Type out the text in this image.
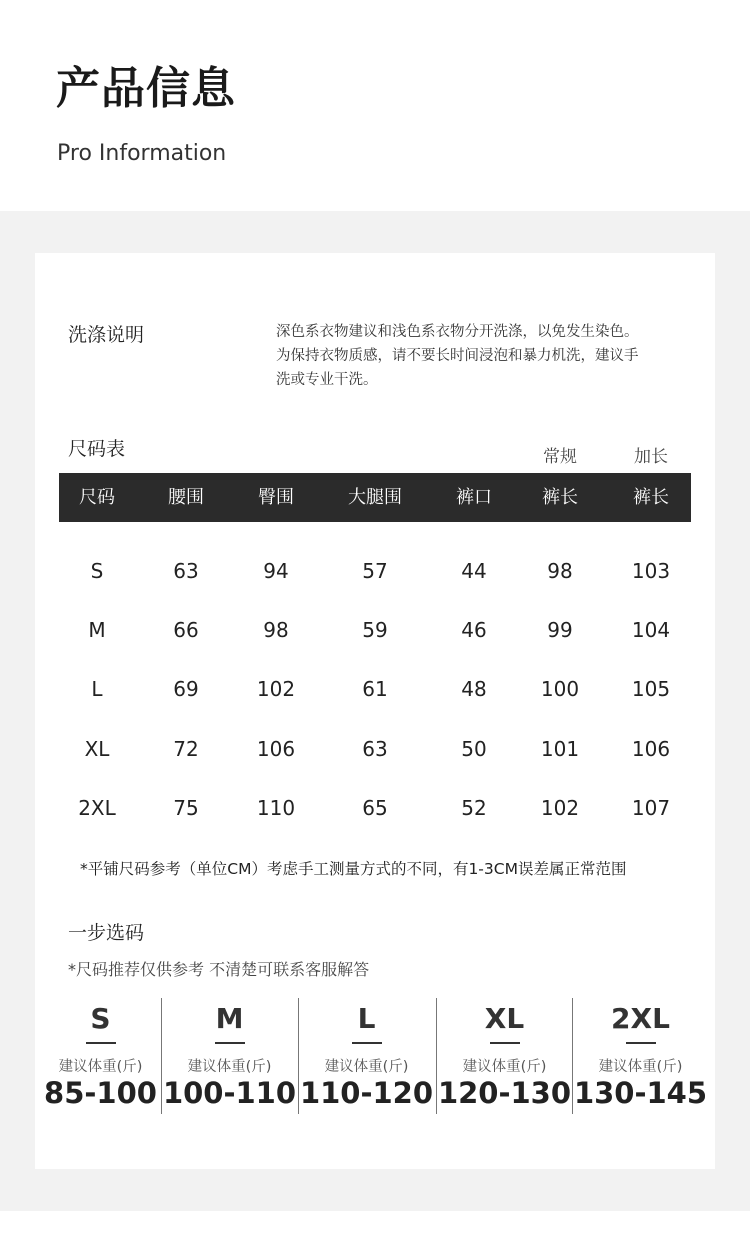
产品信息
Pro Information
洗涤说明	深色系衣物建议和浅色系衣物分开洗涤，以免发生染色。
为保持衣物质感，请不要长时间浸泡和暴力机洗，建议手
洗或专业干洗。
尺码表	常规	加长
尺码	腰围	臀围	大腿围	裤口	裤长	裤长
S	63	94	57	44	98	103
M	66	98	59	46	99	104
L	69	102	61	48	100	105
XL	72	106	63	50	101	106
2XL	75	110	65	52	102	107
*平铺尺码参考（单位CM）考虑手工测量方式的不同，有1-3CM误差属正常范围
一步选码
*尺码推荐仅供参考 不清楚可联系客服解答
S
建议体重(斤)
85-100
M
建议体重(斤)
100-110
L
建议体重(斤)
110-120
XL
建议体重(斤)
120-130
2XL
建议体重(斤)
130-145
